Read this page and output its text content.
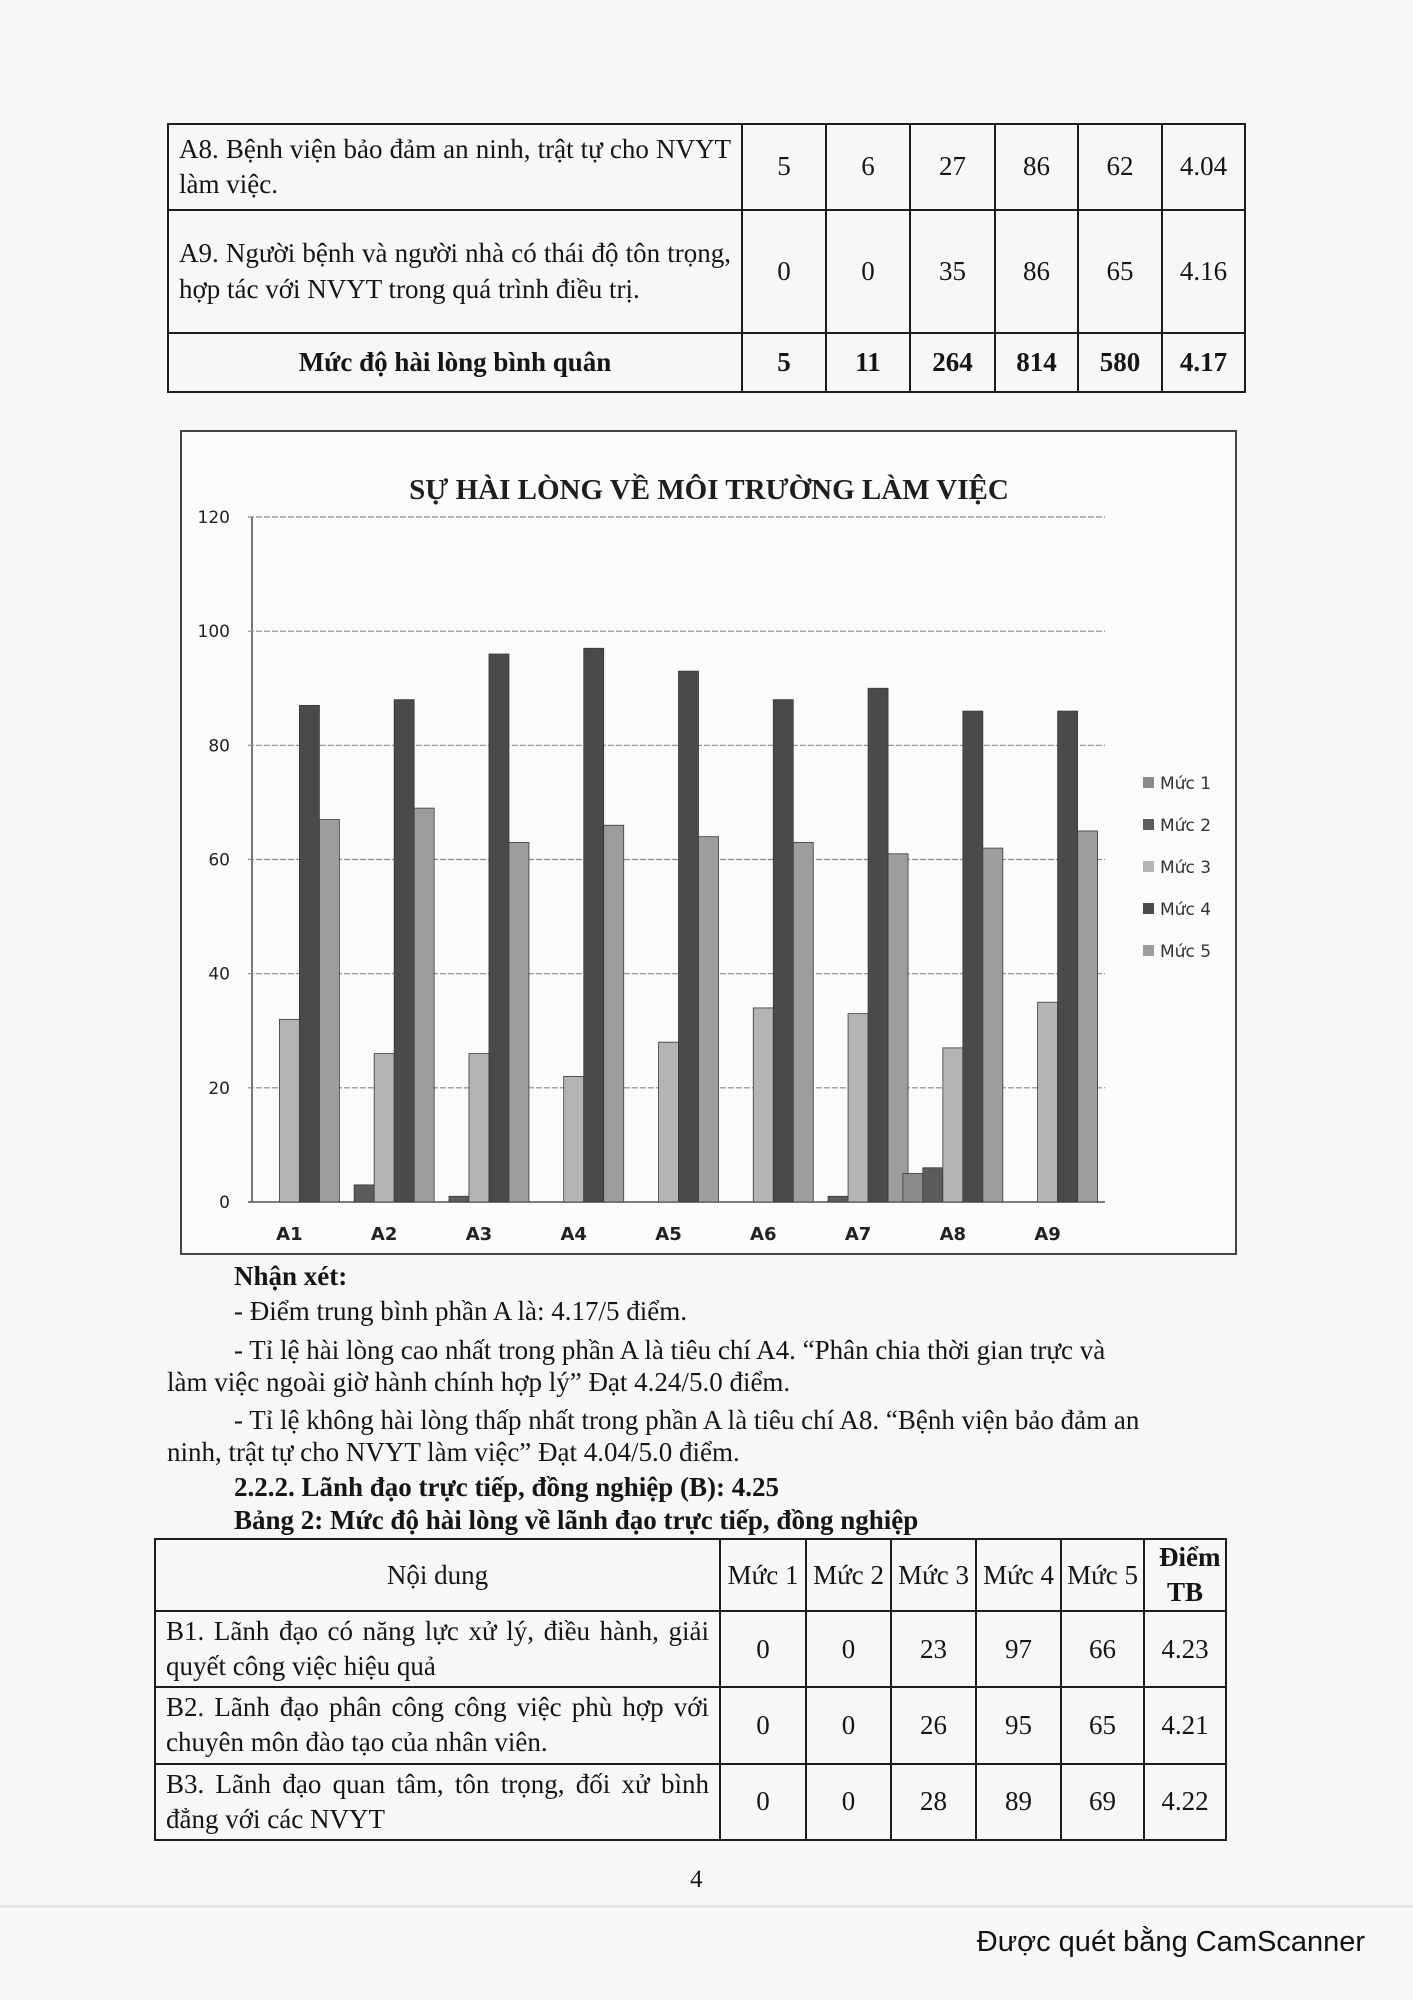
A8. Bệnh viện bảo đảm an ninh, trật tự cho NVYT làm việc.	5	6	27	86	62	4.04
A9. Người bệnh và người nhà có thái độ tôn trọng, hợp tác với NVYT trong quá trình điều trị.	0	0	35	86	65	4.16
Mức độ hài lòng bình quân	5	11	264	814	580	4.17
SỰ HÀI LÒNG VỀ MÔI TRƯỜNG LÀM VIỆC
0
20
40
60
80
100
120
A1	A2	A3	A4	A5	A6	A7	A8	A9
Mức 1
Mức 2
Mức 3
Mức 4
Mức 5
Nhận xét:
- Điểm trung bình phần A là: 4.17/5 điểm.
- Tỉ lệ hài lòng cao nhất trong phần A là tiêu chí A4. “Phân chia thời gian trực và
làm việc ngoài giờ hành chính hợp lý” Đạt 4.24/5.0 điểm.
- Tỉ lệ không hài lòng thấp nhất trong phần A là tiêu chí A8. “Bệnh viện bảo đảm an
ninh, trật tự cho NVYT làm việc” Đạt 4.04/5.0 điểm.
2.2.2. Lãnh đạo trực tiếp, đồng nghiệp (B): 4.25
Bảng 2: Mức độ hài lòng về lãnh đạo trực tiếp, đồng nghiệp
Nội dung	Mức 1	Mức 2	Mức 3	Mức 4	Mức 5	Điểm TB
B1. Lãnh đạo có năng lực xử lý, điều hành, giải quyết công việc hiệu quả	0	0	23	97	66	4.23
B2. Lãnh đạo phân công công việc phù hợp với chuyên môn đào tạo của nhân viên.	0	0	26	95	65	4.21
B3. Lãnh đạo quan tâm, tôn trọng, đối xử bình đẳng với các NVYT	0	0	28	89	69	4.22
4
Được quét bằng CamScanner
